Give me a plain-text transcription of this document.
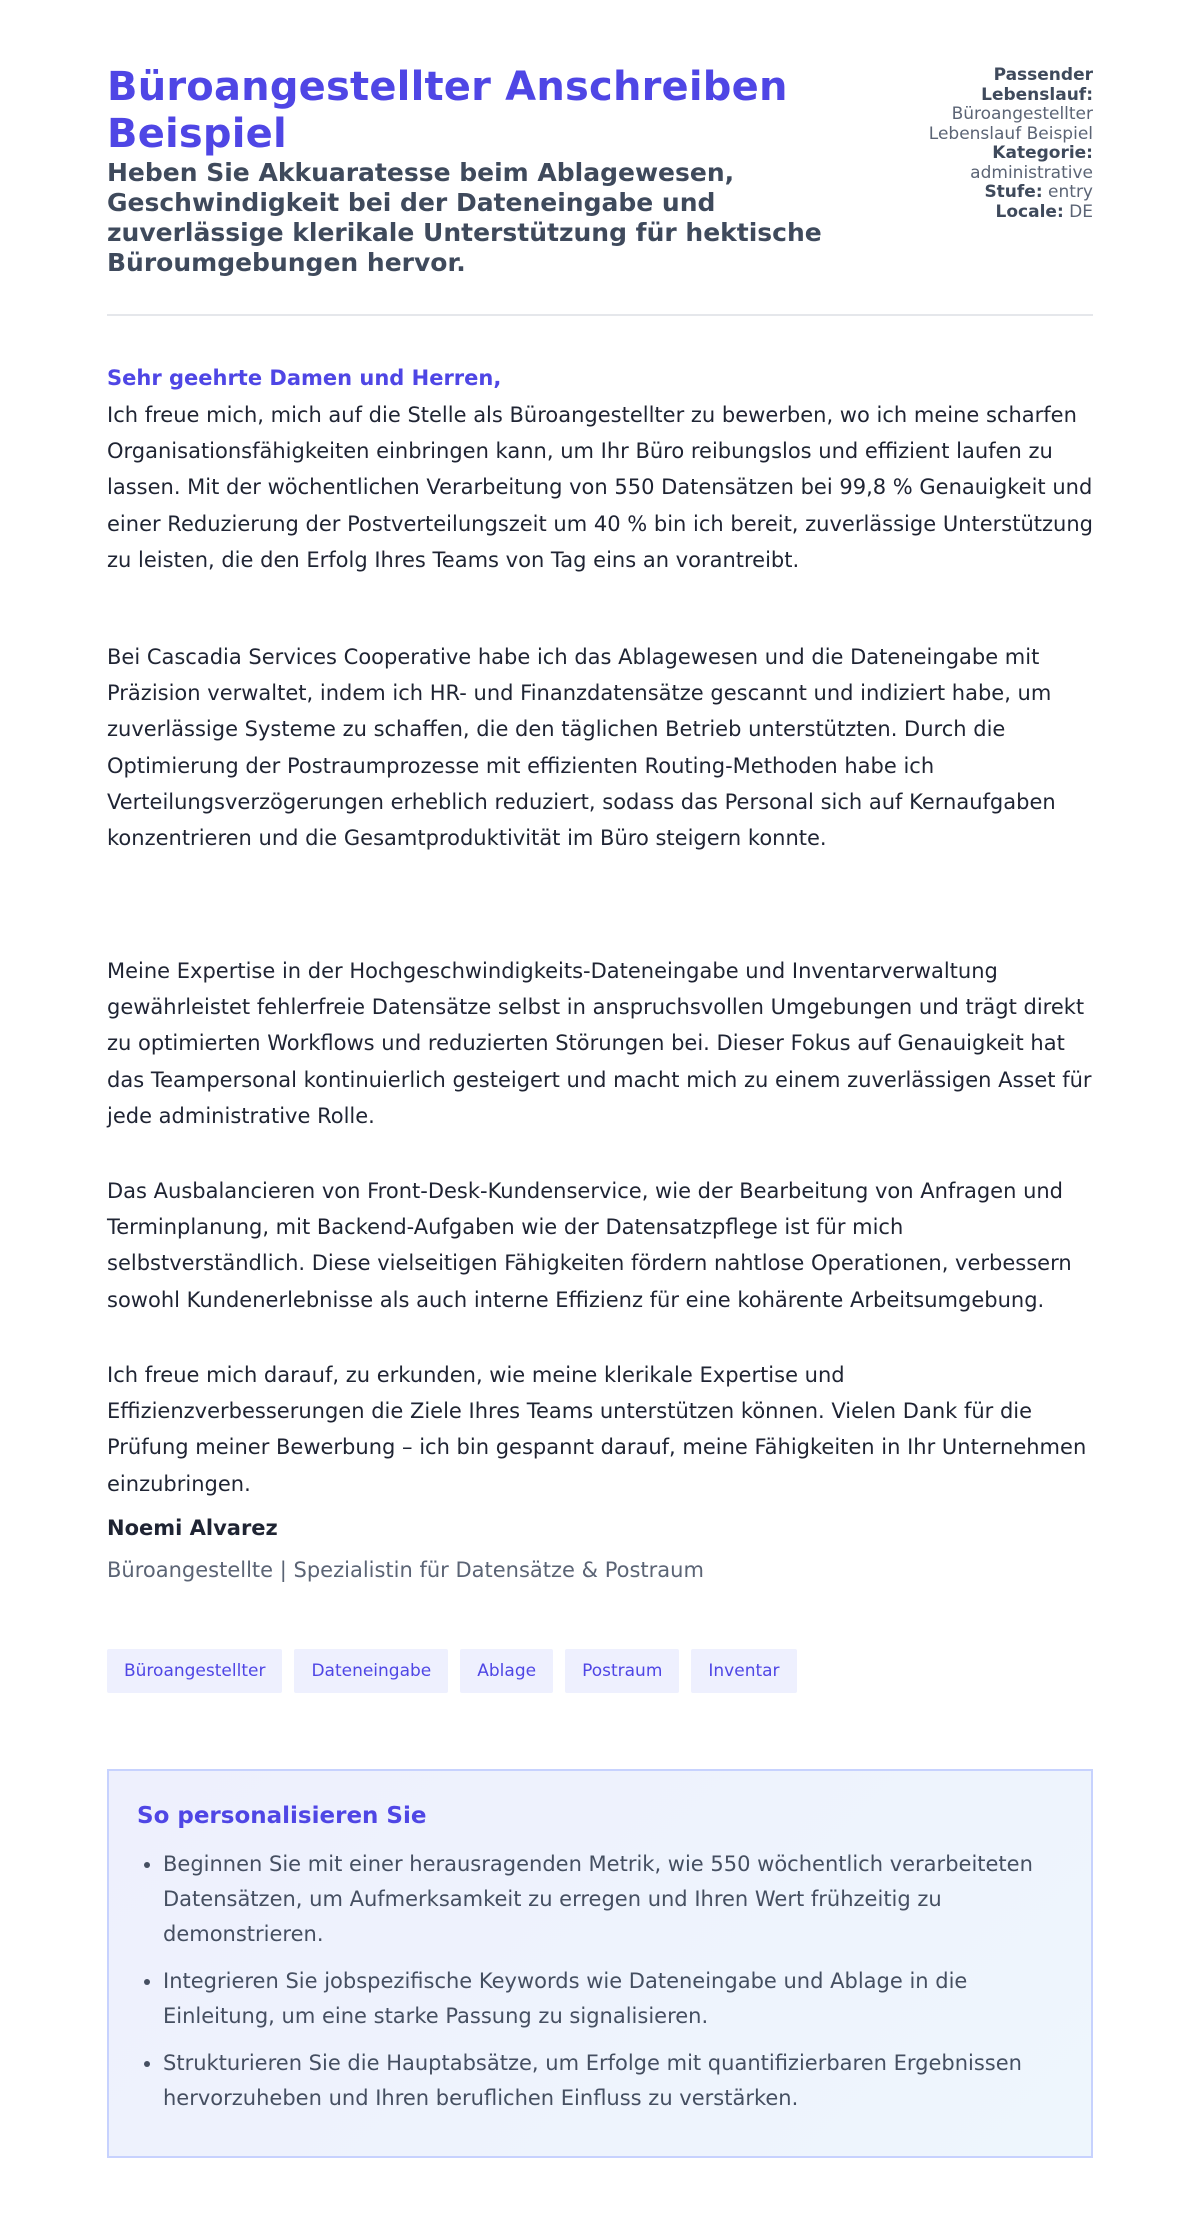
Büroangestellter Anschreiben Beispiel
Heben Sie Akkuaratesse beim Ablagewesen, Geschwindigkeit bei der Dateneingabe und zuverlässige klerikale Unterstützung für hektische Büroumgebungen hervor.

Passender Lebenslauf:
Büroangestellter Lebenslauf Beispiel

Kategorie:
administrative

Stufe: entry

Locale: DE

Sehr geehrte Damen und Herren,

Ich freue mich, mich auf die Stelle als Büroangestellter zu bewerben, wo ich meine scharfen Organisationsfähigkeiten einbringen kann, um Ihr Büro reibungslos und effizient laufen zu lassen. Mit der wöchentlichen Verarbeitung von 550 Datensätzen bei 99,8 % Genauigkeit und einer Reduzierung der Postverteilungszeit um 40 % bin ich bereit, zuverlässige Unterstützung zu leisten, die den Erfolg Ihres Teams von Tag eins an vorantreibt.

Bei Cascadia Services Cooperative habe ich das Ablagewesen und die Dateneingabe mit Präzision verwaltet, indem ich HR- und Finanzdatensätze gescannt und indiziert habe, um zuverlässige Systeme zu schaffen, die den täglichen Betrieb unterstützten. Durch die Optimierung der Postraumprozesse mit effizienten Routing-Methoden habe ich Verteilungsverzögerungen erheblich reduziert, sodass das Personal sich auf Kernaufgaben konzentrieren und die Gesamtproduktivität im Büro steigern konnte.

Meine Expertise in der Hochgeschwindigkeits-Dateneingabe und Inventarverwaltung gewährleistet fehlerfreie Datensätze selbst in anspruchsvollen Umgebungen und trägt direkt zu optimierten Workflows und reduzierten Störungen bei. Dieser Fokus auf Genauigkeit hat das Teampersonal kontinuierlich gesteigert und macht mich zu einem zuverlässigen Asset für jede administrative Rolle.

Das Ausbalancieren von Front-Desk-Kundenservice, wie der Bearbeitung von Anfragen und Terminplanung, mit Backend-Aufgaben wie der Datensatzpflege ist für mich selbstverständlich. Diese vielseitigen Fähigkeiten fördern nahtlose Operationen, verbessern sowohl Kundenerlebnisse als auch interne Effizienz für eine kohärente Arbeitsumgebung.

Ich freue mich darauf, zu erkunden, wie meine klerikale Expertise und Effizienzverbesserungen die Ziele Ihres Teams unterstützen können. Vielen Dank für die Prüfung meiner Bewerbung – ich bin gespannt darauf, meine Fähigkeiten in Ihr Unternehmen einzubringen.

Noemi Alvarez

Büroangestellte | Spezialistin für Datensätze & Postraum

Büroangestellter	Dateneingabe	Ablage	Postraum	Inventar
So personalisieren Sie
• Beginnen Sie mit einer herausragenden Metrik, wie 550 wöchentlich verarbeiteten Datensätzen, um Aufmerksamkeit zu erregen und Ihren Wert frühzeitig zu demonstrieren.
• Integrieren Sie jobspezifische Keywords wie Dateneingabe und Ablage in die Einleitung, um eine starke Passung zu signalisieren.
• Strukturieren Sie die Hauptabsätze, um Erfolge mit quantifizierbaren Ergebnissen hervorzuheben und Ihren beruflichen Einfluss zu verstärken.
